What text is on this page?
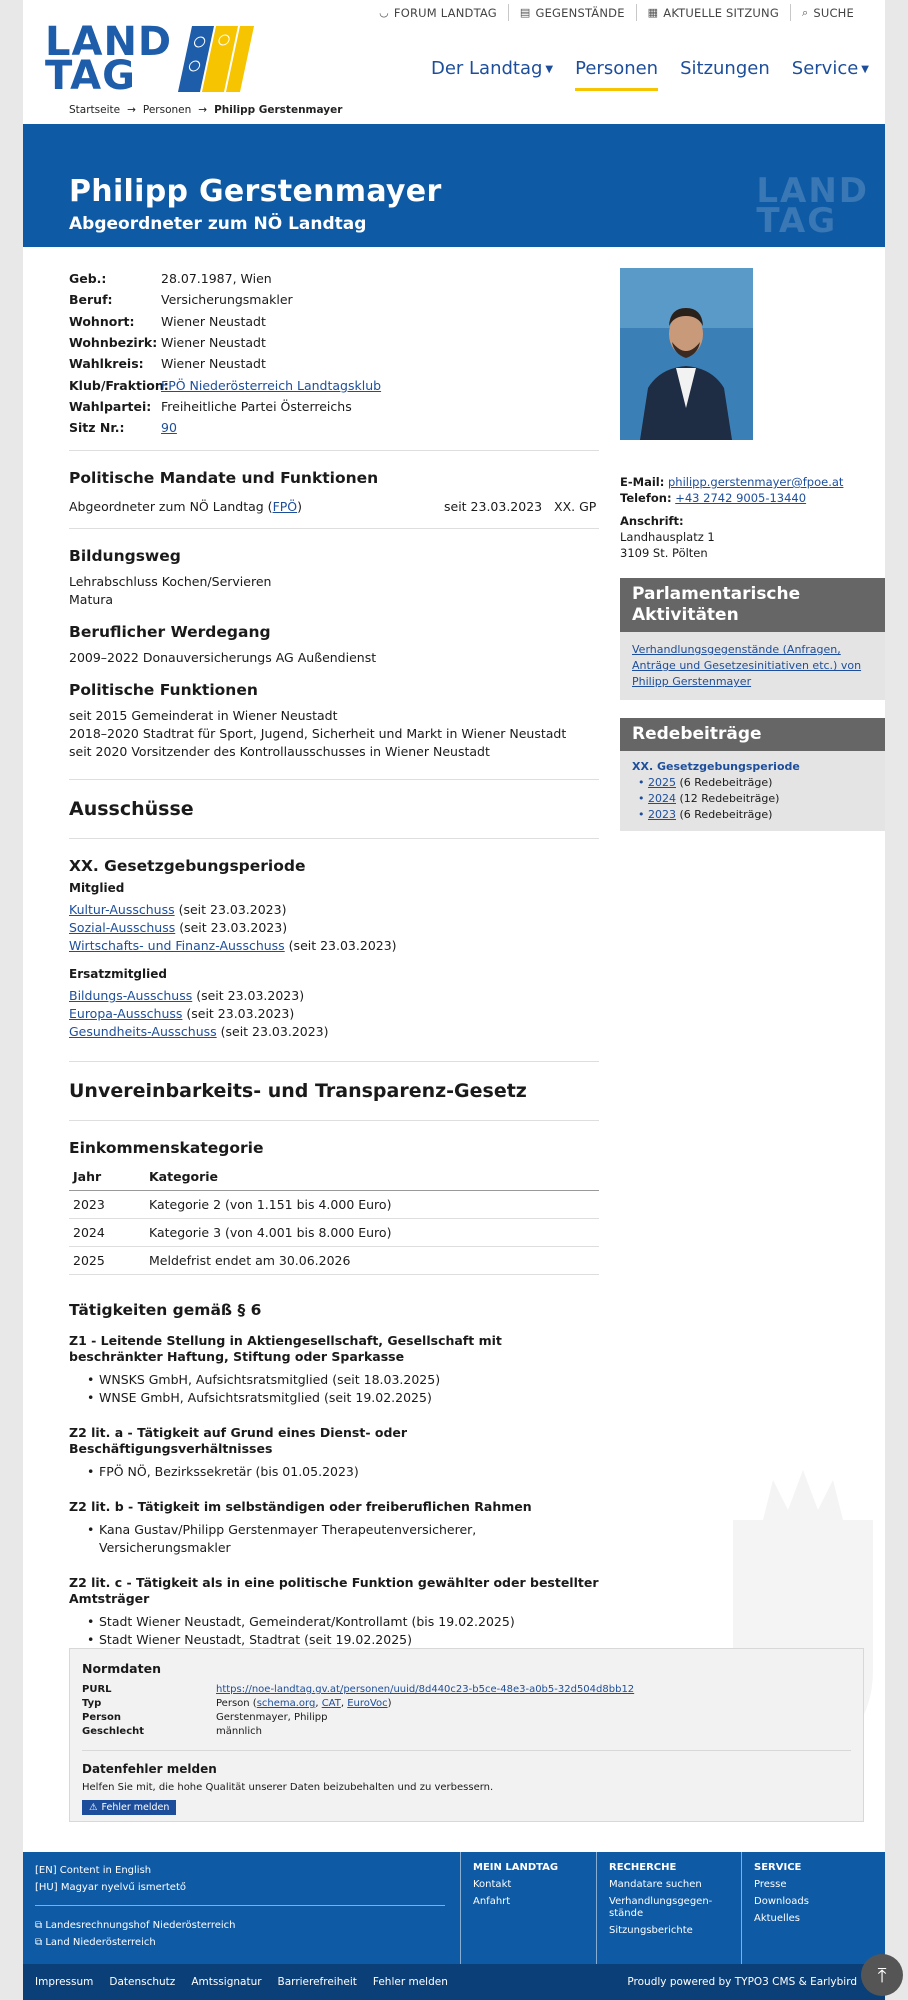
◡ FORUM LANDTAG ▤ GEGENSTÄNDE ▦ AKTUELLE SITZUNG ⌕ SUCHE
LAND
TAG	Der Landtag ▼ Personen Sitzungen Service ▼
Startseite → Personen → Philipp Gerstenmayer
Philipp Gerstenmayer
Abgeordneter zum NÖ Landtag
LAND
TAG
Geb.:	28.07.1987, Wien
Beruf:	Versicherungsmakler
Wohnort:	Wiener Neustadt
Wohnbezirk: Wiener Neustadt
Wahlkreis:	Wiener Neustadt
Klub/Fraktion:
FPÖ Niederösterreich Landtagsklub
Wahlpartei: Freiheitliche Partei Österreichs
Sitz Nr.:	90
Politische Mandate und Funktionen
Abgeordneter zum NÖ Landtag (FPÖ)	seit 23.03.2023 XX. GP
Bildungsweg
Lehrabschluss Kochen/Servieren
Matura
Beruflicher Werdegang
2009–2022 Donauversicherungs AG Außendienst
Politische Funktionen
seit 2015 Gemeinderat in Wiener Neustadt
2018–2020 Stadtrat für Sport, Jugend, Sicherheit und Markt in Wiener Neustadt
seit 2020 Vorsitzender des Kontrollausschusses in Wiener Neustadt
Ausschüsse
XX. Gesetzgebungsperiode
Mitglied
Kultur-Ausschuss (seit 23.03.2023)
Sozial-Ausschuss (seit 23.03.2023)
Wirtschafts- und Finanz-Ausschuss (seit 23.03.2023)
Ersatzmitglied
Bildungs-Ausschuss (seit 23.03.2023)
Europa-Ausschuss (seit 23.03.2023)
Gesundheits-Ausschuss (seit 23.03.2023)
Unvereinbarkeits- und Transparenz-Gesetz
Einkommenskategorie
Jahr	Kategorie
2023	Kategorie 2 (von 1.151 bis 4.000 Euro)
2024	Kategorie 3 (von 4.001 bis 8.000 Euro)
2025	Meldefrist endet am 30.06.2026
Tätigkeiten gemäß § 6
Z1 - Leitende Stellung in Aktiengesellschaft, Gesellschaft mit beschränkter Haftung, Stiftung oder Sparkasse
• WNSKS GmbH, Aufsichtsratsmitglied (seit 18.03.2025)
• WNSE GmbH, Aufsichtsratsmitglied (seit 19.02.2025)
Z2 lit. a - Tätigkeit auf Grund eines Dienst- oder Beschäftigungsverhältnisses
• FPÖ NÖ, Bezirkssekretär (bis 01.05.2023)
Z2 lit. b - Tätigkeit im selbständigen oder freiberuflichen Rahmen
• Kana Gustav/Philipp Gerstenmayer Therapeutenversicherer, Versicherungsmakler
Z2 lit. c - Tätigkeit als in eine politische Funktion gewählter oder bestellter Amtsträger
• Stadt Wiener Neustadt, Gemeinderat/Kontrollamt (bis 19.02.2025)
• Stadt Wiener Neustadt, Stadtrat (seit 19.02.2025)
E-Mail: philipp.gerstenmayer@fpoe.at
Telefon: +43 2742 9005-13440
Anschrift:
Landhausplatz 1
3109 St. Pölten
Parlamentarische Aktivitäten
Verhandlungsgegenstände (Anfragen, Anträge und Gesetzesinitiativen etc.) von Philipp Gerstenmayer
Redebeiträge
XX. Gesetzgebungsperiode
• 2025 (6 Redebeiträge)
• 2024 (12 Redebeiträge)
• 2023 (6 Redebeiträge)
Normdaten
PURL	https://noe-landtag.gv.at/personen/uuid/8d440c23-b5ce-48e3-a0b5-32d504d8bb12
Typ	Person (schema.org, CAT, EuroVoc)
Person	Gerstenmayer, Philipp
Geschlecht	männlich
Datenfehler melden
Helfen Sie mit, die hohe Qualität unserer Daten beizubehalten und zu verbessern.
⚠ Fehler melden
[EN] Content in English
[HU] Magyar nyelvű ismertető
⧉ Landesrechnungshof Niederösterreich
⧉ Land Niederösterreich
MEIN LANDTAG
Kontakt
Anfahrt
RECHERCHE
Mandatare suchen
Verhandlungsgegen-
stände
Sitzungsberichte
SERVICE
Presse
Downloads
Aktuelles
Impressum Datenschutz Amtssignatur Barrierefreiheit Fehler melden	Proudly powered by TYPO3 CMS & Earlybird	⤒
